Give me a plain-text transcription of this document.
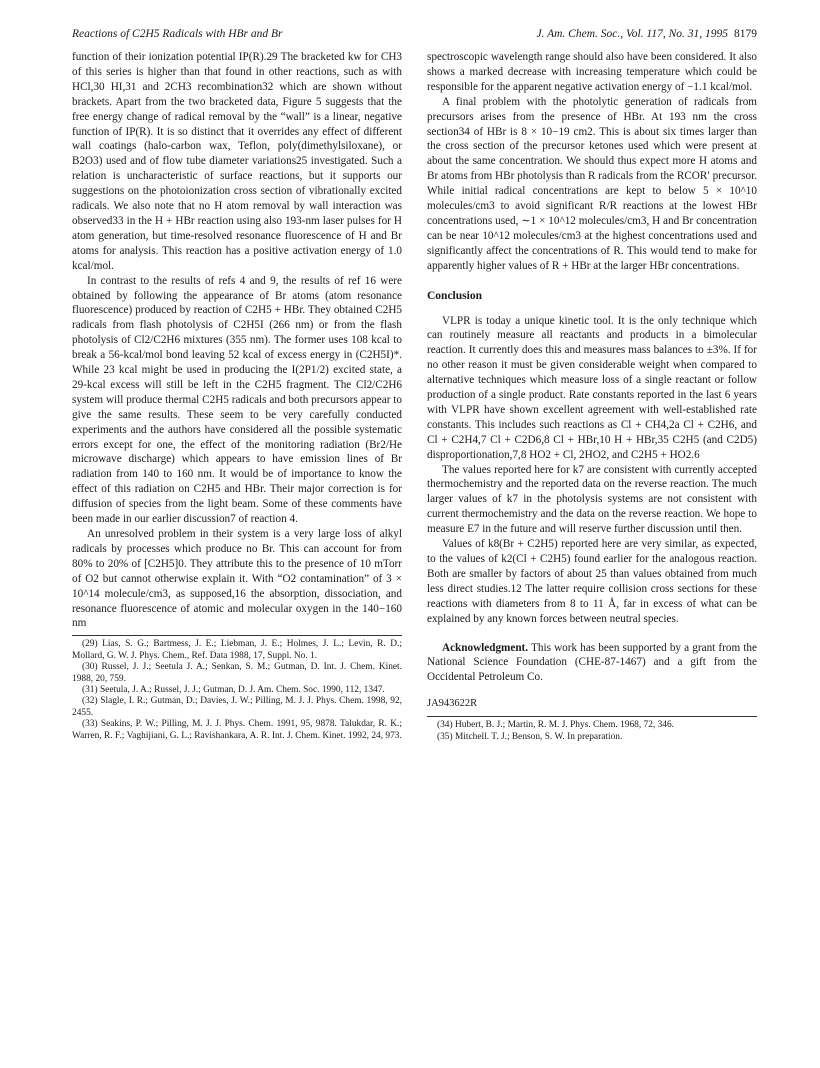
Reactions of C2H5 Radicals with HBr and Br	J. Am. Chem. Soc., Vol. 117, No. 31, 1995 8179

function of their ionization potential IP(R).29 The bracketed kw for CH3 of this series is higher than that found in other reactions, such as with HCl,30 HI,31 and 2CH3 recombination32 which are shown without brackets. Apart from the two bracketed data, Figure 5 suggests that the free energy change of radical removal by the “wall” is a linear, negative function of IP(R). It is so distinct that it overrides any effect of different wall coatings (halo-carbon wax, Teflon, poly(dimethylsiloxane), or B2O3) used and of flow tube diameter variations25 investigated. Such a relation is uncharacteristic of surface reactions, but it supports our suggestions on the photoionization cross section of vibrationally excited radicals. We also note that no H atom removal by wall interaction was observed33 in the H + HBr reaction using also 193-nm laser pulses for H atom generation, but time-resolved resonance fluorescence of H and Br atoms for analysis. This reaction has a positive activation energy of 1.0 kcal/mol.

In contrast to the results of refs 4 and 9, the results of ref 16 were obtained by following the appearance of Br atoms (atom resonance fluorescence) produced by reaction of C2H5 + HBr. They obtained C2H5 radicals from flash photolysis of C2H5I (266 nm) or from the flash photolysis of Cl2/C2H6 mixtures (355 nm). The former uses 108 kcal to break a 56-kcal/mol bond leaving 52 kcal of excess energy in (C2H5I)*. While 23 kcal might be used in producing the I(2P1/2) excited state, a 29-kcal excess will still be left in the C2H5 fragment. The Cl2/C2H6 system will produce thermal C2H5 radicals and both precursors appear to give the same results. These seem to be very carefully conducted experiments and the authors have considered all the possible systematic errors except for one, the effect of the monitoring radiation (Br2/He microwave discharge) which appears to have emission lines of Br radiation from 140 to 160 nm. It would be of importance to know the effect of this radiation on C2H5 and HBr. Their major correction is for diffusion of species from the light beam. Some of these comments have been made in our earlier discussion7 of reaction 4.

An unresolved problem in their system is a very large loss of alkyl radicals by processes which produce no Br. This can account for from 80% to 20% of [C2H5]0. They attribute this to the presence of 10 mTorr of O2 but cannot otherwise explain it. With “O2 contamination” of 3 × 10^14 molecule/cm3, as supposed,16 the absorption, dissociation, and resonance fluorescence of atomic and molecular oxygen in the 140−160 nm

(29) Lias, S. G.; Bartmess, J. E.; Liebman, J. E.; Holmes, J. L.; Levin, R. D.; Mollard, G. W. J. Phys. Chem., Ref. Data 1988, 17, Suppl. No. 1.
(30) Russel, J. J.; Seetula J. A.; Senkan, S. M.; Gutman, D. Int. J. Chem. Kinet. 1988, 20, 759.
(31) Seetula, J. A.; Russel, J. J.; Gutman, D. J. Am. Chem. Soc. 1990, 112, 1347.
(32) Slagle, I. R.; Gutman, D.; Davies, J. W.; Pilling, M. J. J. Phys. Chem. 1998, 92, 2455.
(33) Seakins, P. W.; Pilling, M. J. J. Phys. Chem. 1991, 95, 9878. Talukdar, R. K.; Warren, R. F.; Vaghijiani, G. L.; Ravishankara, A. R. Int. J. Chem. Kinet. 1992, 24, 973.

spectroscopic wavelength range should also have been considered. It also shows a marked decrease with increasing temperature which could be responsible for the apparent negative activation energy of −1.1 kcal/mol.

A final problem with the photolytic generation of radicals from precursors arises from the presence of HBr. At 193 nm the cross section34 of HBr is 8 × 10−19 cm2. This is about six times larger than the cross section of the precursor ketones used which were present at about the same concentration. We should thus expect more H atoms and Br atoms from HBr photolysis than R radicals from the RCOR′ precursor. While initial radical concentrations are kept to below 5 × 10^10 molecules/cm3 to avoid significant R/R reactions at the lowest HBr concentrations used, ∼1 × 10^12 molecules/cm3, H and Br concentration can be near 10^12 molecules/cm3 at the highest concentrations used and significantly affect the concentrations of R. This would tend to make for apparently higher values of R + HBr at the larger HBr concentrations.

Conclusion

VLPR is today a unique kinetic tool. It is the only technique which can routinely measure all reactants and products in a bimolecular reaction. It currently does this and measures mass balances to ±3%. If for no other reason it must be given considerable weight when compared to alternative techniques which measure loss of a single reactant or follow production of a single product. Rate constants reported in the last 6 years with VLPR have shown excellent agreement with well-established rate constants. This includes such reactions as Cl + CH4,2a Cl + C2H6, and Cl + C2H4,7 Cl + C2D6,8 Cl + HBr,10 H + HBr,35 C2H5 (and C2D5) disproportionation,7,8 HO2 + Cl, 2HO2, and C2H5 + HO2.6

The values reported here for k7 are consistent with currently accepted thermochemistry and the reported data on the reverse reaction. The much larger values of k7 in the photolysis systems are not consistent with current thermochemistry and the data on the reverse reaction. We hope to measure E7 in the future and will reserve further discussion until then.

Values of k8(Br + C2H5) reported here are very similar, as expected, to the values of k2(Cl + C2H5) found earlier for the analogous reaction. Both are smaller by factors of about 25 than values obtained from much less direct studies.12 The latter require collision cross sections for these reactions with diameters from 8 to 11 Å, far in excess of what can be explained by any known forces between neutral species.

Acknowledgment. This work has been supported by a grant from the National Science Foundation (CHE-87-1467) and a gift from the Occidental Petroleum Co.

JA943622R
(34) Hubert, B. J.; Martin, R. M. J. Phys. Chem. 1968, 72, 346.
(35) Mitchell. T. J.; Benson, S. W. In preparation.
